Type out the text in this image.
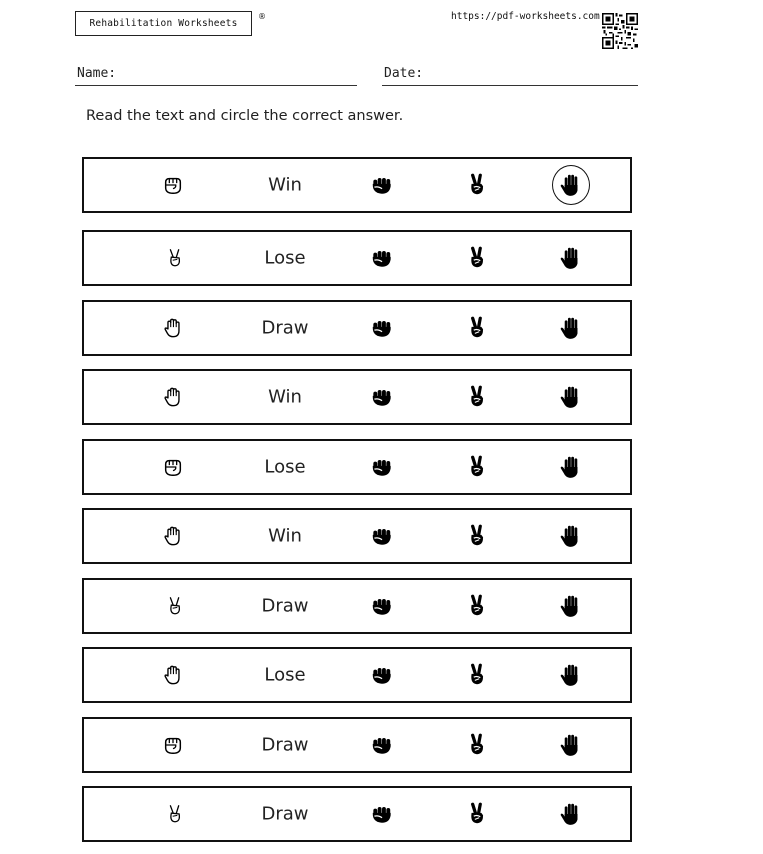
Rehabilitation Worksheets
®	https://pdf-worksheets.com
Name:	Date:
Read the text and circle the correct answer.
Win
Lose
Draw
Win
Lose
Win
Draw
Lose
Draw
Draw
